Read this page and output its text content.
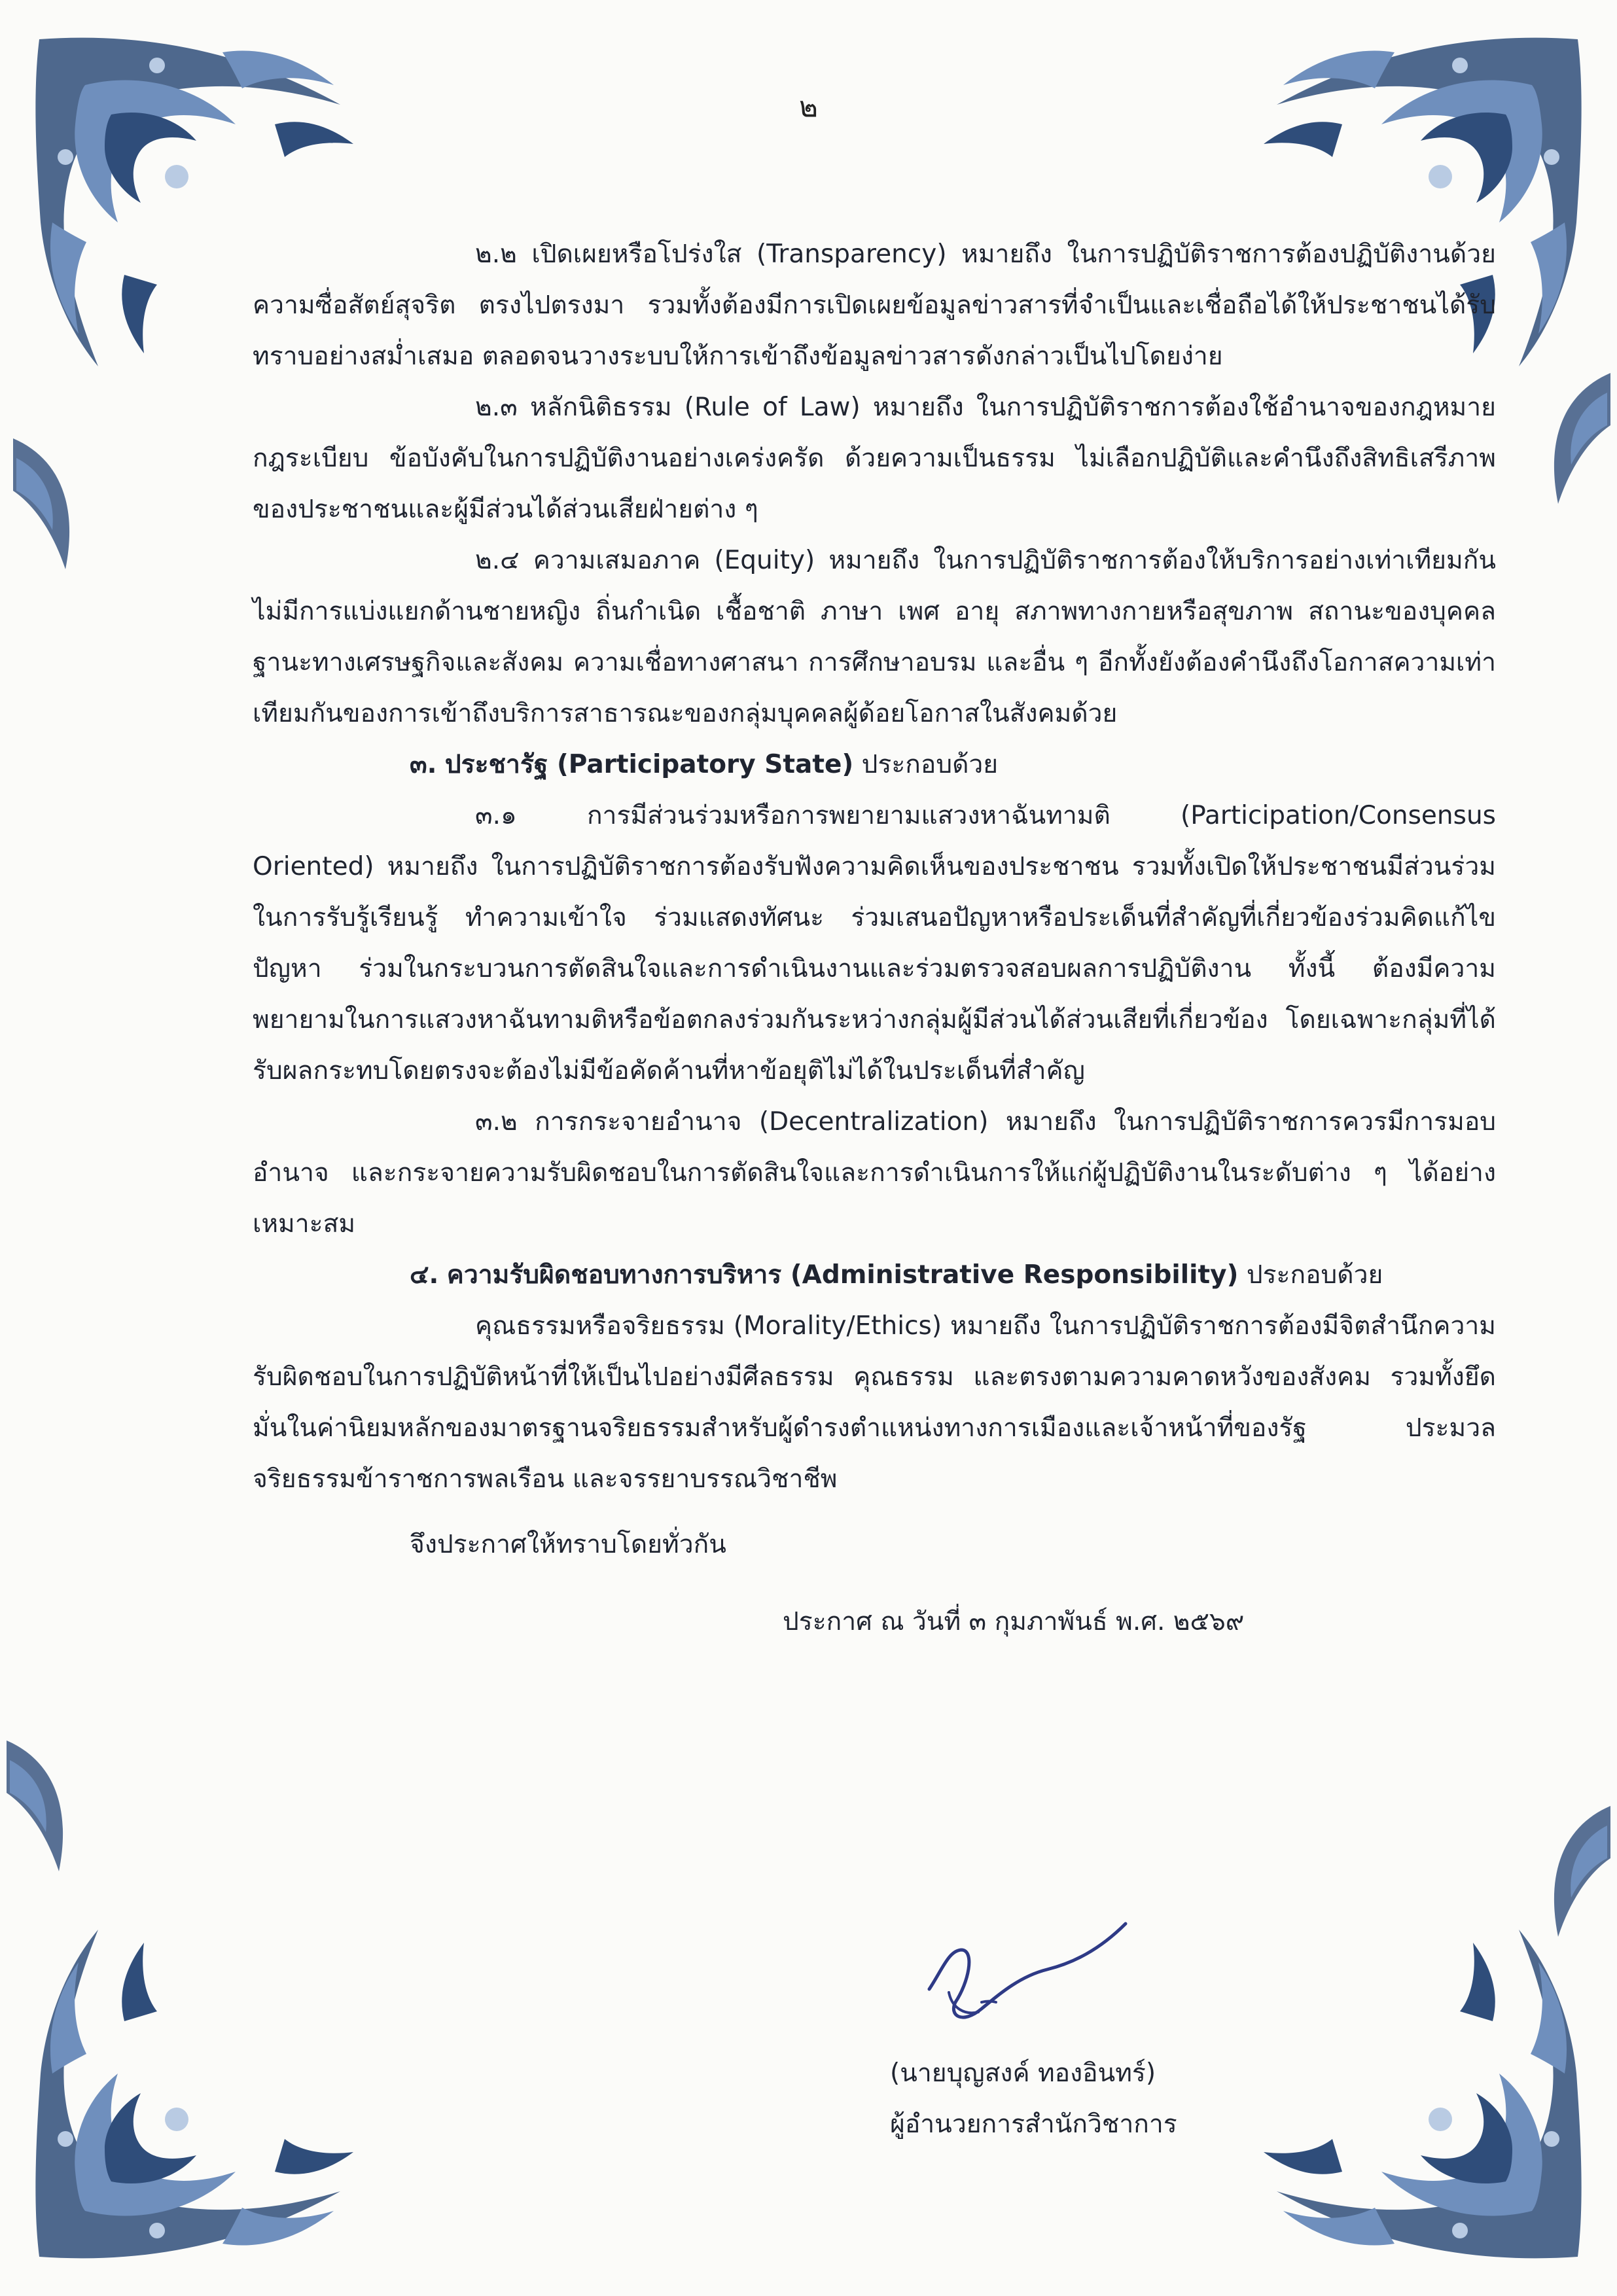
๒

๒.๒ เปิดเผยหรือโปร่งใส (Transparency) หมายถึง ในการปฏิบัติราชการต้องปฏิบัติงานด้วยความซื่อสัตย์สุจริต ตรงไปตรงมา รวมทั้งต้องมีการเปิดเผยข้อมูลข่าวสารที่จำเป็นและเชื่อถือได้ให้ประชาชนได้รับทราบอย่างสม่ำเสมอ ตลอดจนวางระบบให้การเข้าถึงข้อมูลข่าวสารดังกล่าวเป็นไปโดยง่าย

๒.๓ หลักนิติธรรม (Rule of Law) หมายถึง ในการปฏิบัติราชการต้องใช้อำนาจของกฎหมาย กฎระเบียบ ข้อบังคับในการปฏิบัติงานอย่างเคร่งครัด ด้วยความเป็นธรรม ไม่เลือกปฏิบัติและคำนึงถึงสิทธิเสรีภาพของประชาชนและผู้มีส่วนได้ส่วนเสียฝ่ายต่าง ๆ

๒.๔ ความเสมอภาค (Equity) หมายถึง ในการปฏิบัติราชการต้องให้บริการอย่างเท่าเทียมกันไม่มีการแบ่งแยกด้านชายหญิง ถิ่นกำเนิด เชื้อชาติ ภาษา เพศ อายุ สภาพทางกายหรือสุขภาพ สถานะของบุคคล ฐานะทางเศรษฐกิจและสังคม ความเชื่อทางศาสนา การศึกษาอบรม และอื่น ๆ อีกทั้งยังต้องคำนึงถึงโอกาสความเท่าเทียมกันของการเข้าถึงบริการสาธารณะของกลุ่มบุคคลผู้ด้อยโอกาสในสังคมด้วย

๓. ประชารัฐ (Participatory State) ประกอบด้วย

๓.๑ การมีส่วนร่วมหรือการพยายามแสวงหาฉันทามติ (Participation/Consensus Oriented) หมายถึง ในการปฏิบัติราชการต้องรับฟังความคิดเห็นของประชาชน รวมทั้งเปิดให้ประชาชนมีส่วนร่วมในการรับรู้เรียนรู้ ทำความเข้าใจ ร่วมแสดงทัศนะ ร่วมเสนอปัญหาหรือประเด็นที่สำคัญที่เกี่ยวข้องร่วมคิดแก้ไขปัญหา ร่วมในกระบวนการตัดสินใจและการดำเนินงานและร่วมตรวจสอบผลการปฏิบัติงาน ทั้งนี้ ต้องมีความพยายามในการแสวงหาฉันทามติหรือข้อตกลงร่วมกันระหว่างกลุ่มผู้มีส่วนได้ส่วนเสียที่เกี่ยวข้อง โดยเฉพาะกลุ่มที่ได้รับผลกระทบโดยตรงจะต้องไม่มีข้อคัดค้านที่หาข้อยุติไม่ได้ในประเด็นที่สำคัญ

๓.๒ การกระจายอำนาจ (Decentralization) หมายถึง ในการปฏิบัติราชการควรมีการมอบอำนาจ และกระจายความรับผิดชอบในการตัดสินใจและการดำเนินการให้แก่ผู้ปฏิบัติงานในระดับต่าง ๆ ได้อย่างเหมาะสม

๔. ความรับผิดชอบทางการบริหาร (Administrative Responsibility) ประกอบด้วย

คุณธรรมหรือจริยธรรม (Morality/Ethics) หมายถึง ในการปฏิบัติราชการต้องมีจิตสำนึกความรับผิดชอบในการปฏิบัติหน้าที่ให้เป็นไปอย่างมีศีลธรรม คุณธรรม และตรงตามความคาดหวังของสังคม รวมทั้งยึดมั่นในค่านิยมหลักของมาตรฐานจริยธรรมสำหรับผู้ดำรงตำแหน่งทางการเมืองและเจ้าหน้าที่ของรัฐ ประมวลจริยธรรมข้าราชการพลเรือน และจรรยาบรรณวิชาชีพ

จึงประกาศให้ทราบโดยทั่วกัน

ประกาศ ณ วันที่ ๓ กุมภาพันธ์ พ.ศ. ๒๕๖๙

(นายบุญสงค์ ทองอินทร์)

ผู้อำนวยการสำนักวิชาการ
